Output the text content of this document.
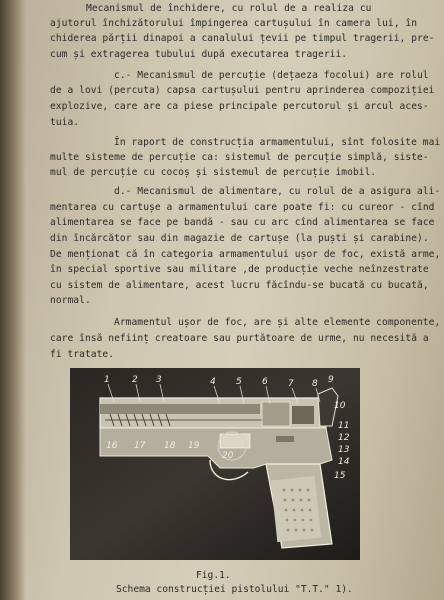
Mecanismul de închidere, cu rolul de a realiza cu
ajutorul închizătorului împingerea cartușului în camera lui, în
chiderea părții dinapoi a canalului țevii pe timpul tragerii, pre-
cum și extragerea tubului după executarea tragerii.
c.- Mecanismul de percuție (dețaeza focolui) are rolul
de a lovi (percuta) capsa cartușului pentru aprinderea compoziției
explozive, care are ca piese principale percutorul și arcul aces-
tuia.
În raport de construcția armamentului, sînt folosite mai
multe sisteme de percuție ca: sistemul de percuție simplă, siste-
mul de percuție cu cocoș și sistemul de percuție imobil.
d.- Mecanismul de alimentare, cu rolul de a asigura ali-
mentarea cu cartușe a armamentului care poate fi: cu cureor - cînd
alimentarea se face pe bandă - sau cu arc cînd alimentarea se face
din încărcător sau din magazie de cartușe (la puști și carabine).
De menționat că în categoria armamentului ușor de foc, există arme,
în special sportive sau militare ,de producție veche neînzestrate
cu sistem de alimentare, acest lucru făcîndu-se bucată cu bucată,
normal.
Armamentul ușor de foc, are și alte elemente componente,
care însă neființ creatoare sau purtătoare de urme, nu necesită a
fi tratate.
1 2 3	4 5 6 7 8 9
10
11
12
13
14
15
16 17 18 19
20
Fig.1.
Schema construcției pistolului "T.T." 1).
